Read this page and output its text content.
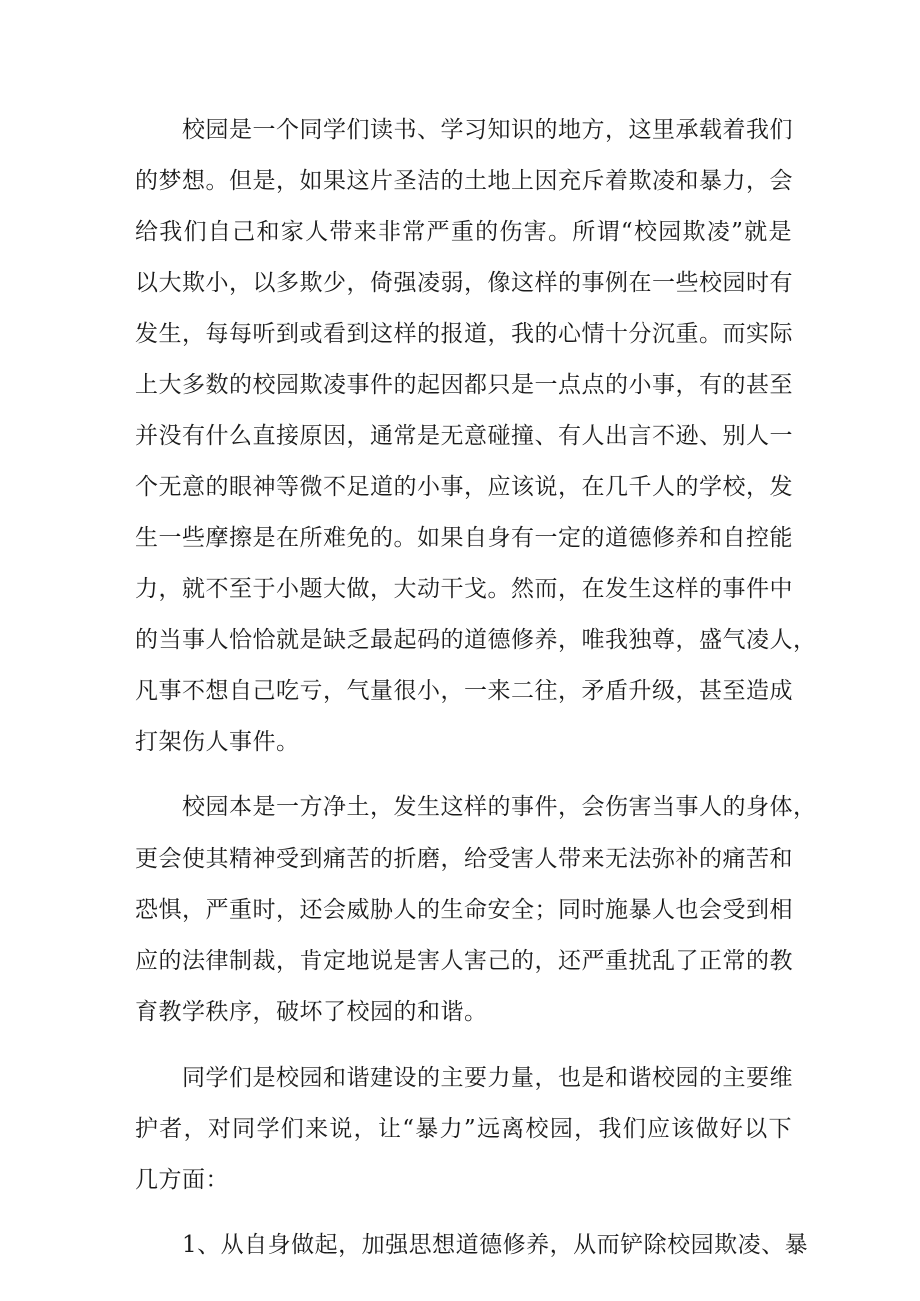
校园是一个同学们读书、学习知识的地方，这里承载着我们
的梦想。但是，如果这片圣洁的土地上因充斥着欺凌和暴力，会
给我们自己和家人带来非常严重的伤害。所谓“校园欺凌”就是
以大欺小，以多欺少，倚强凌弱，像这样的事例在一些校园时有
发生，每每听到或看到这样的报道，我的心情十分沉重。而实际
上大多数的校园欺凌事件的起因都只是一点点的小事，有的甚至
并没有什么直接原因，通常是无意碰撞、有人出言不逊、别人一
个无意的眼神等微不足道的小事，应该说，在几千人的学校，发
生一些摩擦是在所难免的。如果自身有一定的道德修养和自控能
力，就不至于小题大做，大动干戈。然而，在发生这样的事件中
的当事人恰恰就是缺乏最起码的道德修养，唯我独尊，盛气凌人，
凡事不想自己吃亏，气量很小，一来二往，矛盾升级，甚至造成
打架伤人事件。
校园本是一方净土，发生这样的事件，会伤害当事人的身体，
更会使其精神受到痛苦的折磨，给受害人带来无法弥补的痛苦和
恐惧，严重时，还会威胁人的生命安全；同时施暴人也会受到相
应的法律制裁，肯定地说是害人害己的，还严重扰乱了正常的教
育教学秩序，破坏了校园的和谐。
同学们是校园和谐建设的主要力量，也是和谐校园的主要维
护者，对同学们来说，让“暴力”远离校园，我们应该做好以下
几方面：
1、从自身做起，加强思想道德修养，从而铲除校园欺凌、暴
